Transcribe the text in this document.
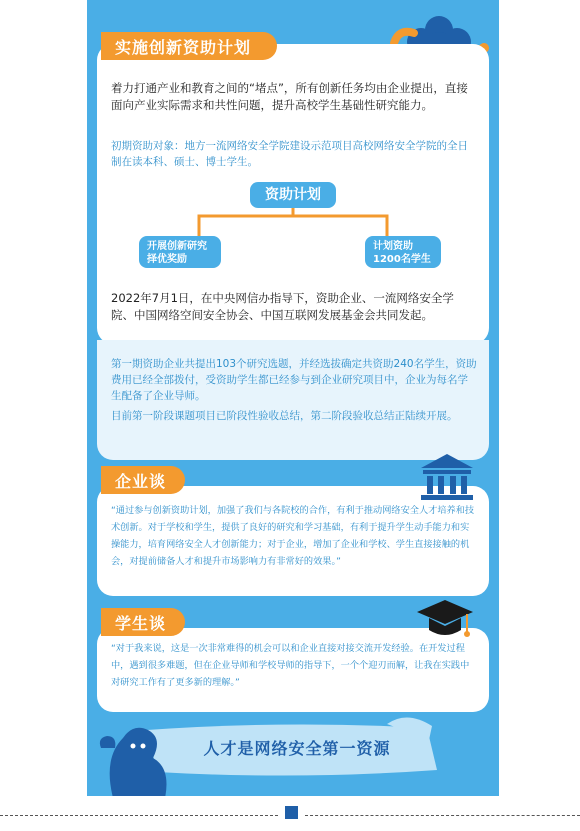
实施创新资助计划

着力打通产业和教育之间的“堵点”，所有创新任务均由企业提出，直接面向产业实际需求和共性问题，提升高校学生基础性研究能力。

初期资助对象：地方一流网络安全学院建设示范项目高校网络安全学院的全日制在读本科、硕士、博士学生。

资助计划
开展创新研究
择优奖励
计划资助
1200名学生

2022年7月1日，在中央网信办指导下，资助企业、一流网络安全学院、中国网络空间安全协会、中国互联网发展基金会共同发起。

第一期资助企业共提出103个研究选题，并经选拔确定共资助240名学生，资助费用已经全部拨付，受资助学生都已经参与到企业研究项目中，企业为每名学生配备了企业导师。

目前第一阶段课题项目已阶段性验收总结，第二阶段验收总结正陆续开展。

企业谈

“通过参与创新资助计划，加强了我们与各院校的合作，有利于推动网络安全人才培养和技术创新。对于学校和学生，提供了良好的研究和学习基础，有利于提升学生动手能力和实操能力，培育网络安全人才创新能力；对于企业，增加了企业和学校、学生直接接触的机会，对提前储备人才和提升市场影响力有非常好的效果。”

学生谈

“对于我来说，这是一次非常难得的机会可以和企业直接对接交流开发经验。在开发过程中，遇到很多难题，但在企业导师和学校导师的指导下，一个个迎刃而解，让我在实践中对研究工作有了更多新的理解。”

人才是网络安全第一资源
